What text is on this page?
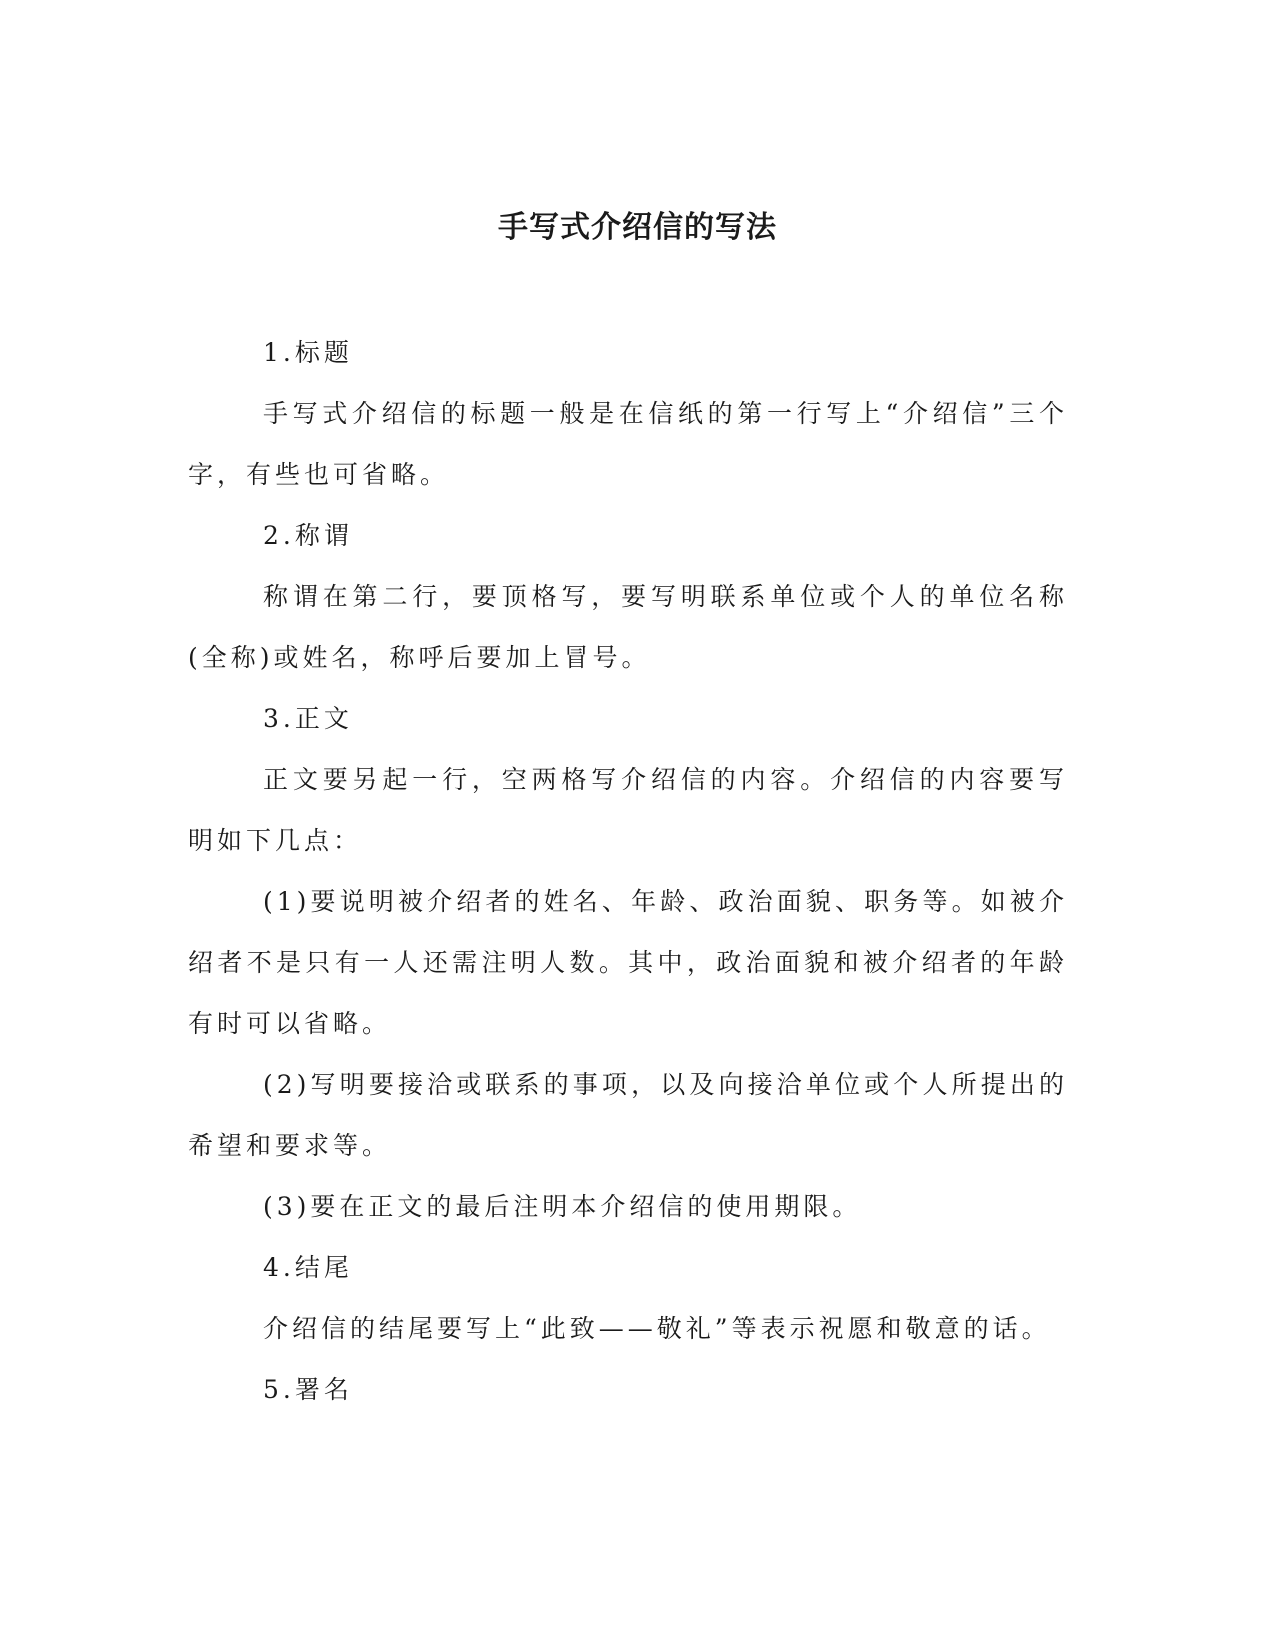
手写式介绍信的写法

1.标题

手写式介绍信的标题一般是在信纸的第一行写上“介绍信”三个字，有些也可省略。

2.称谓

称谓在第二行，要顶格写，要写明联系单位或个人的单位名称(全称)或姓名，称呼后要加上冒号。

3.正文

正文要另起一行，空两格写介绍信的内容。介绍信的内容要写明如下几点：

(1)要说明被介绍者的姓名、年龄、政治面貌、职务等。如被介绍者不是只有一人还需注明人数。其中，政治面貌和被介绍者的年龄有时可以省略。

(2)写明要接洽或联系的事项，以及向接洽单位或个人所提出的希望和要求等。

(3)要在正文的最后注明本介绍信的使用期限。

4.结尾

介绍信的结尾要写上“此致——敬礼”等表示祝愿和敬意的话。

5.署名
